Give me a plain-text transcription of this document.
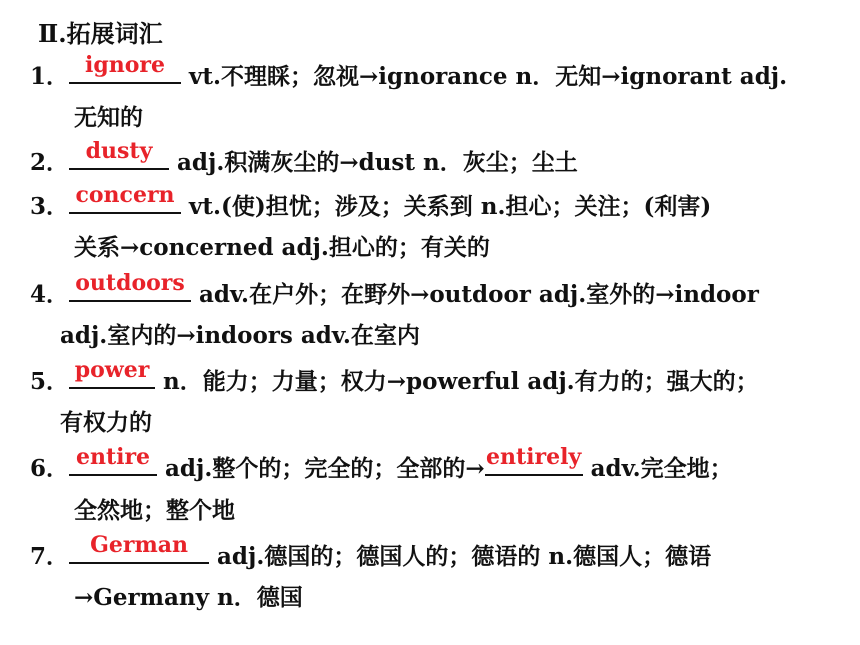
Ⅱ.拓展词汇
1． ignore vt.不理睬；忽视→ignorance n．无知→ignorant adj.
无知的
2． dusty adj.积满灰尘的→dust n．灰尘；尘土
3． concern vt.(使)担忧；涉及；关系到 n.担心；关注；(利害)
关系→concerned adj.担心的；有关的
4． outdoors adv.在户外；在野外→outdoor adj.室外的→indoor
adj.室内的→indoors adv.在室内
5． power n．能力；力量；权力→powerful adj.有力的；强大的；
有权力的
6． entire adj.整个的；完全的；全部的→ entirely adv.完全地；
全然地；整个地
7． German adj.德国的；德国人的；德语的 n.德国人；德语
→Germany n．德国
